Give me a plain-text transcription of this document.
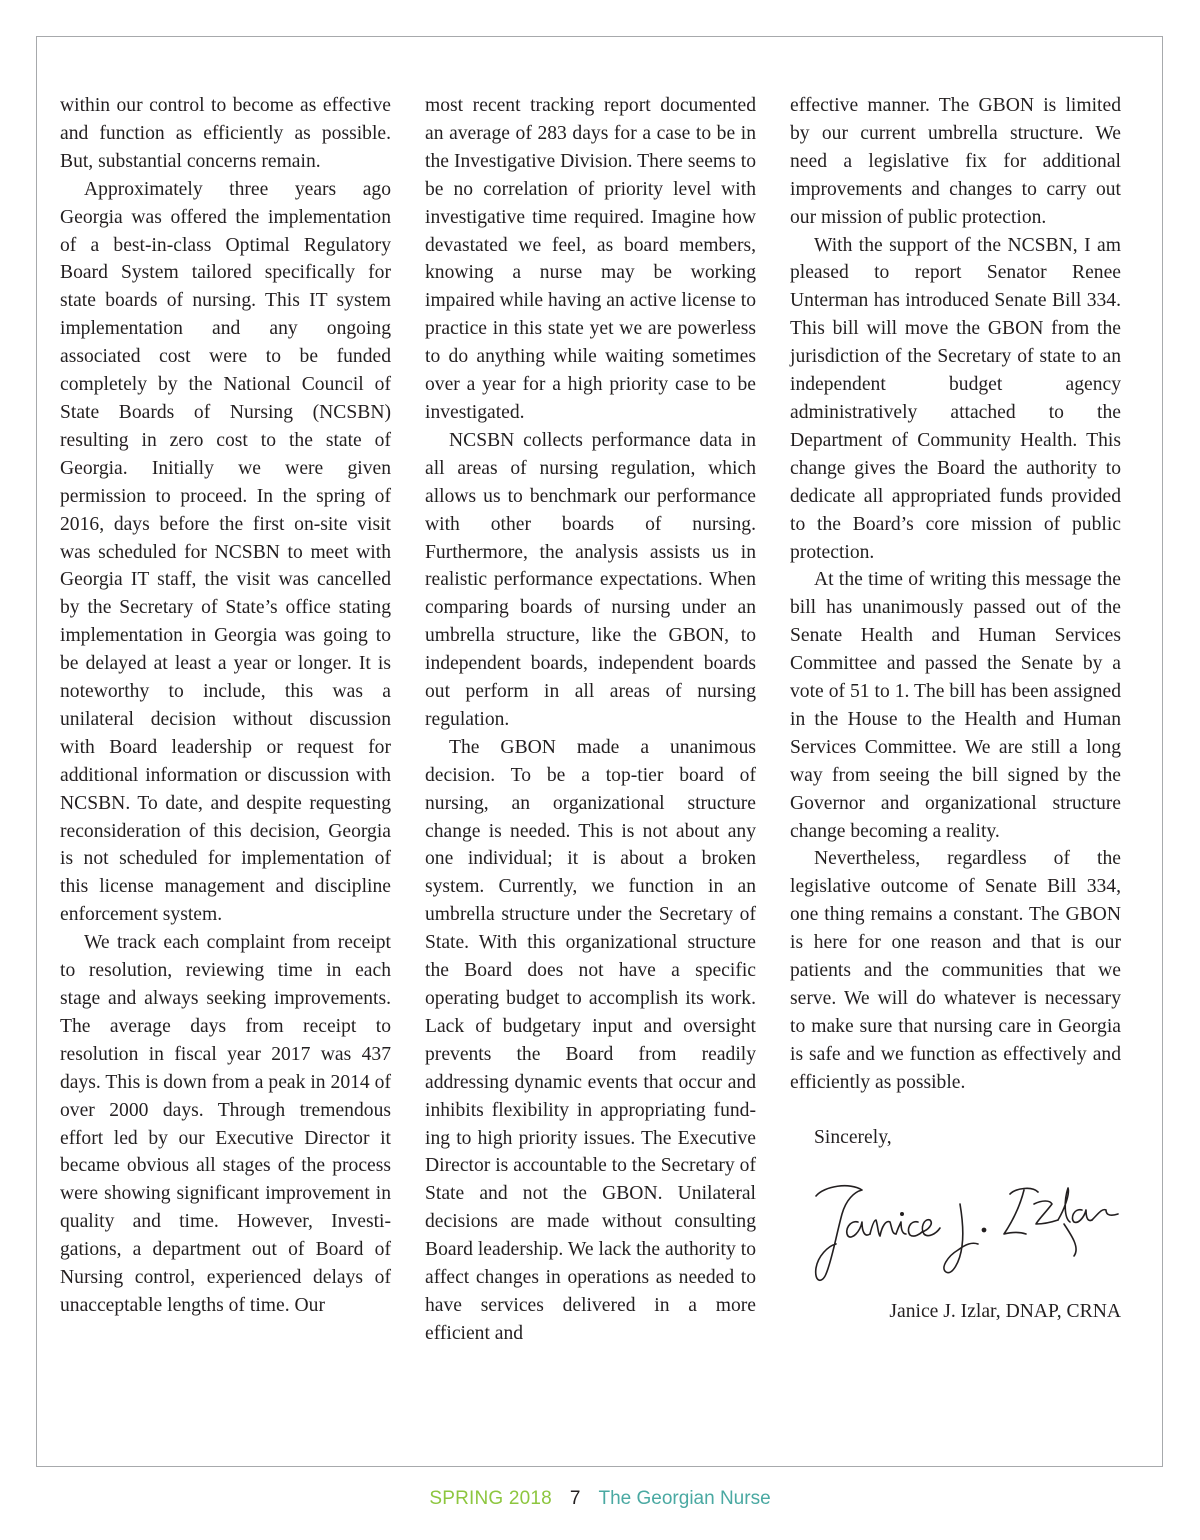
within our control to become as effective and function as efficiently as possible. But, substantial concerns remain.

Approximately three years ago Georgia was offered the implementation of a best-in-class Optimal Regulatory Board System tailored specifically for state boards of nursing. This IT system implementation and any ongoing associated cost were to be funded completely by the National Council of State Boards of Nursing (NCSBN) resulting in zero cost to the state of Georgia. Initially we were given permission to proceed. In the spring of 2016, days before the first on-site visit was scheduled for NCSBN to meet with Georgia IT staff, the visit was cancelled by the Secretary of State’s office stating implementation in Georgia was going to be delayed at least a year or longer. It is noteworthy to include, this was a unilateral decision without discussion with Board leadership or request for additional information or discussion with NCSBN. To date, and despite requesting reconsideration of this decision, Georgia is not scheduled for implementation of this license management and discipline enforcement system.

We track each complaint from receipt to resolution, reviewing time in each stage and always seeking improvements. The average days from receipt to resolution in fiscal year 2017 was 437 days. This is down from a peak in 2014 of over 2000 days. Through tremendous effort led by our Executive Director it became obvious all stages of the process were showing significant improvement in quality and time. However, Investigations, a department out of Board of Nursing control, experienced delays of unacceptable lengths of time. Our

most recent tracking report documented an average of 283 days for a case to be in the Investigative Division. There seems to be no correlation of priority level with investigative time required. Imagine how devastated we feel, as board members, knowing a nurse may be working impaired while having an active license to practice in this state yet we are powerless to do anything while waiting sometimes over a year for a high priority case to be investigated.

NCSBN collects performance data in all areas of nursing regulation, which allows us to benchmark our performance with other boards of nursing. Furthermore, the analysis assists us in realistic performance expectations. When comparing boards of nursing under an umbrella structure, like the GBON, to independent boards, independent boards out perform in all areas of nursing regulation.

The GBON made a unanimous decision. To be a top-tier board of nursing, an organizational structure change is needed. This is not about any one individual; it is about a broken system. Currently, we function in an umbrella structure under the Secretary of State. With this organizational structure the Board does not have a specific operating budget to accomplish its work. Lack of budgetary input and oversight prevents the Board from readily addressing dynamic events that occur and inhibits flexibility in appropriating funding to high priority issues. The Executive Director is accountable to the Secretary of State and not the GBON. Unilateral decisions are made without consulting Board leadership. We lack the authority to affect changes in operations as needed to have services delivered in a more efficient and

effective manner. The GBON is limited by our current umbrella structure. We need a legislative fix for additional improvements and changes to carry out our mission of public protection.

With the support of the NCSBN, I am pleased to report Senator Renee Unterman has introduced Senate Bill 334. This bill will move the GBON from the jurisdiction of the Secretary of state to an independent budget agency administratively attached to the Department of Community Health. This change gives the Board the authority to dedicate all appropriated funds provided to the Board’s core mission of public protection.

At the time of writing this message the bill has unanimously passed out of the Senate Health and Human Services Committee and passed the Senate by a vote of 51 to 1. The bill has been assigned in the House to the Health and Human Services Committee. We are still a long way from seeing the bill signed by the Governor and organizational structure change becoming a reality.

Nevertheless, regardless of the legislative outcome of Senate Bill 334, one thing remains a constant. The GBON is here for one reason and that is our patients and the communities that we serve. We will do whatever is necessary to make sure that nursing care in Georgia is safe and we function as effectively and efficiently as possible.

Sincerely,

Janice J. Izlar, DNAP, CRNA

SPRING 2018 7 The Georgian Nurse
